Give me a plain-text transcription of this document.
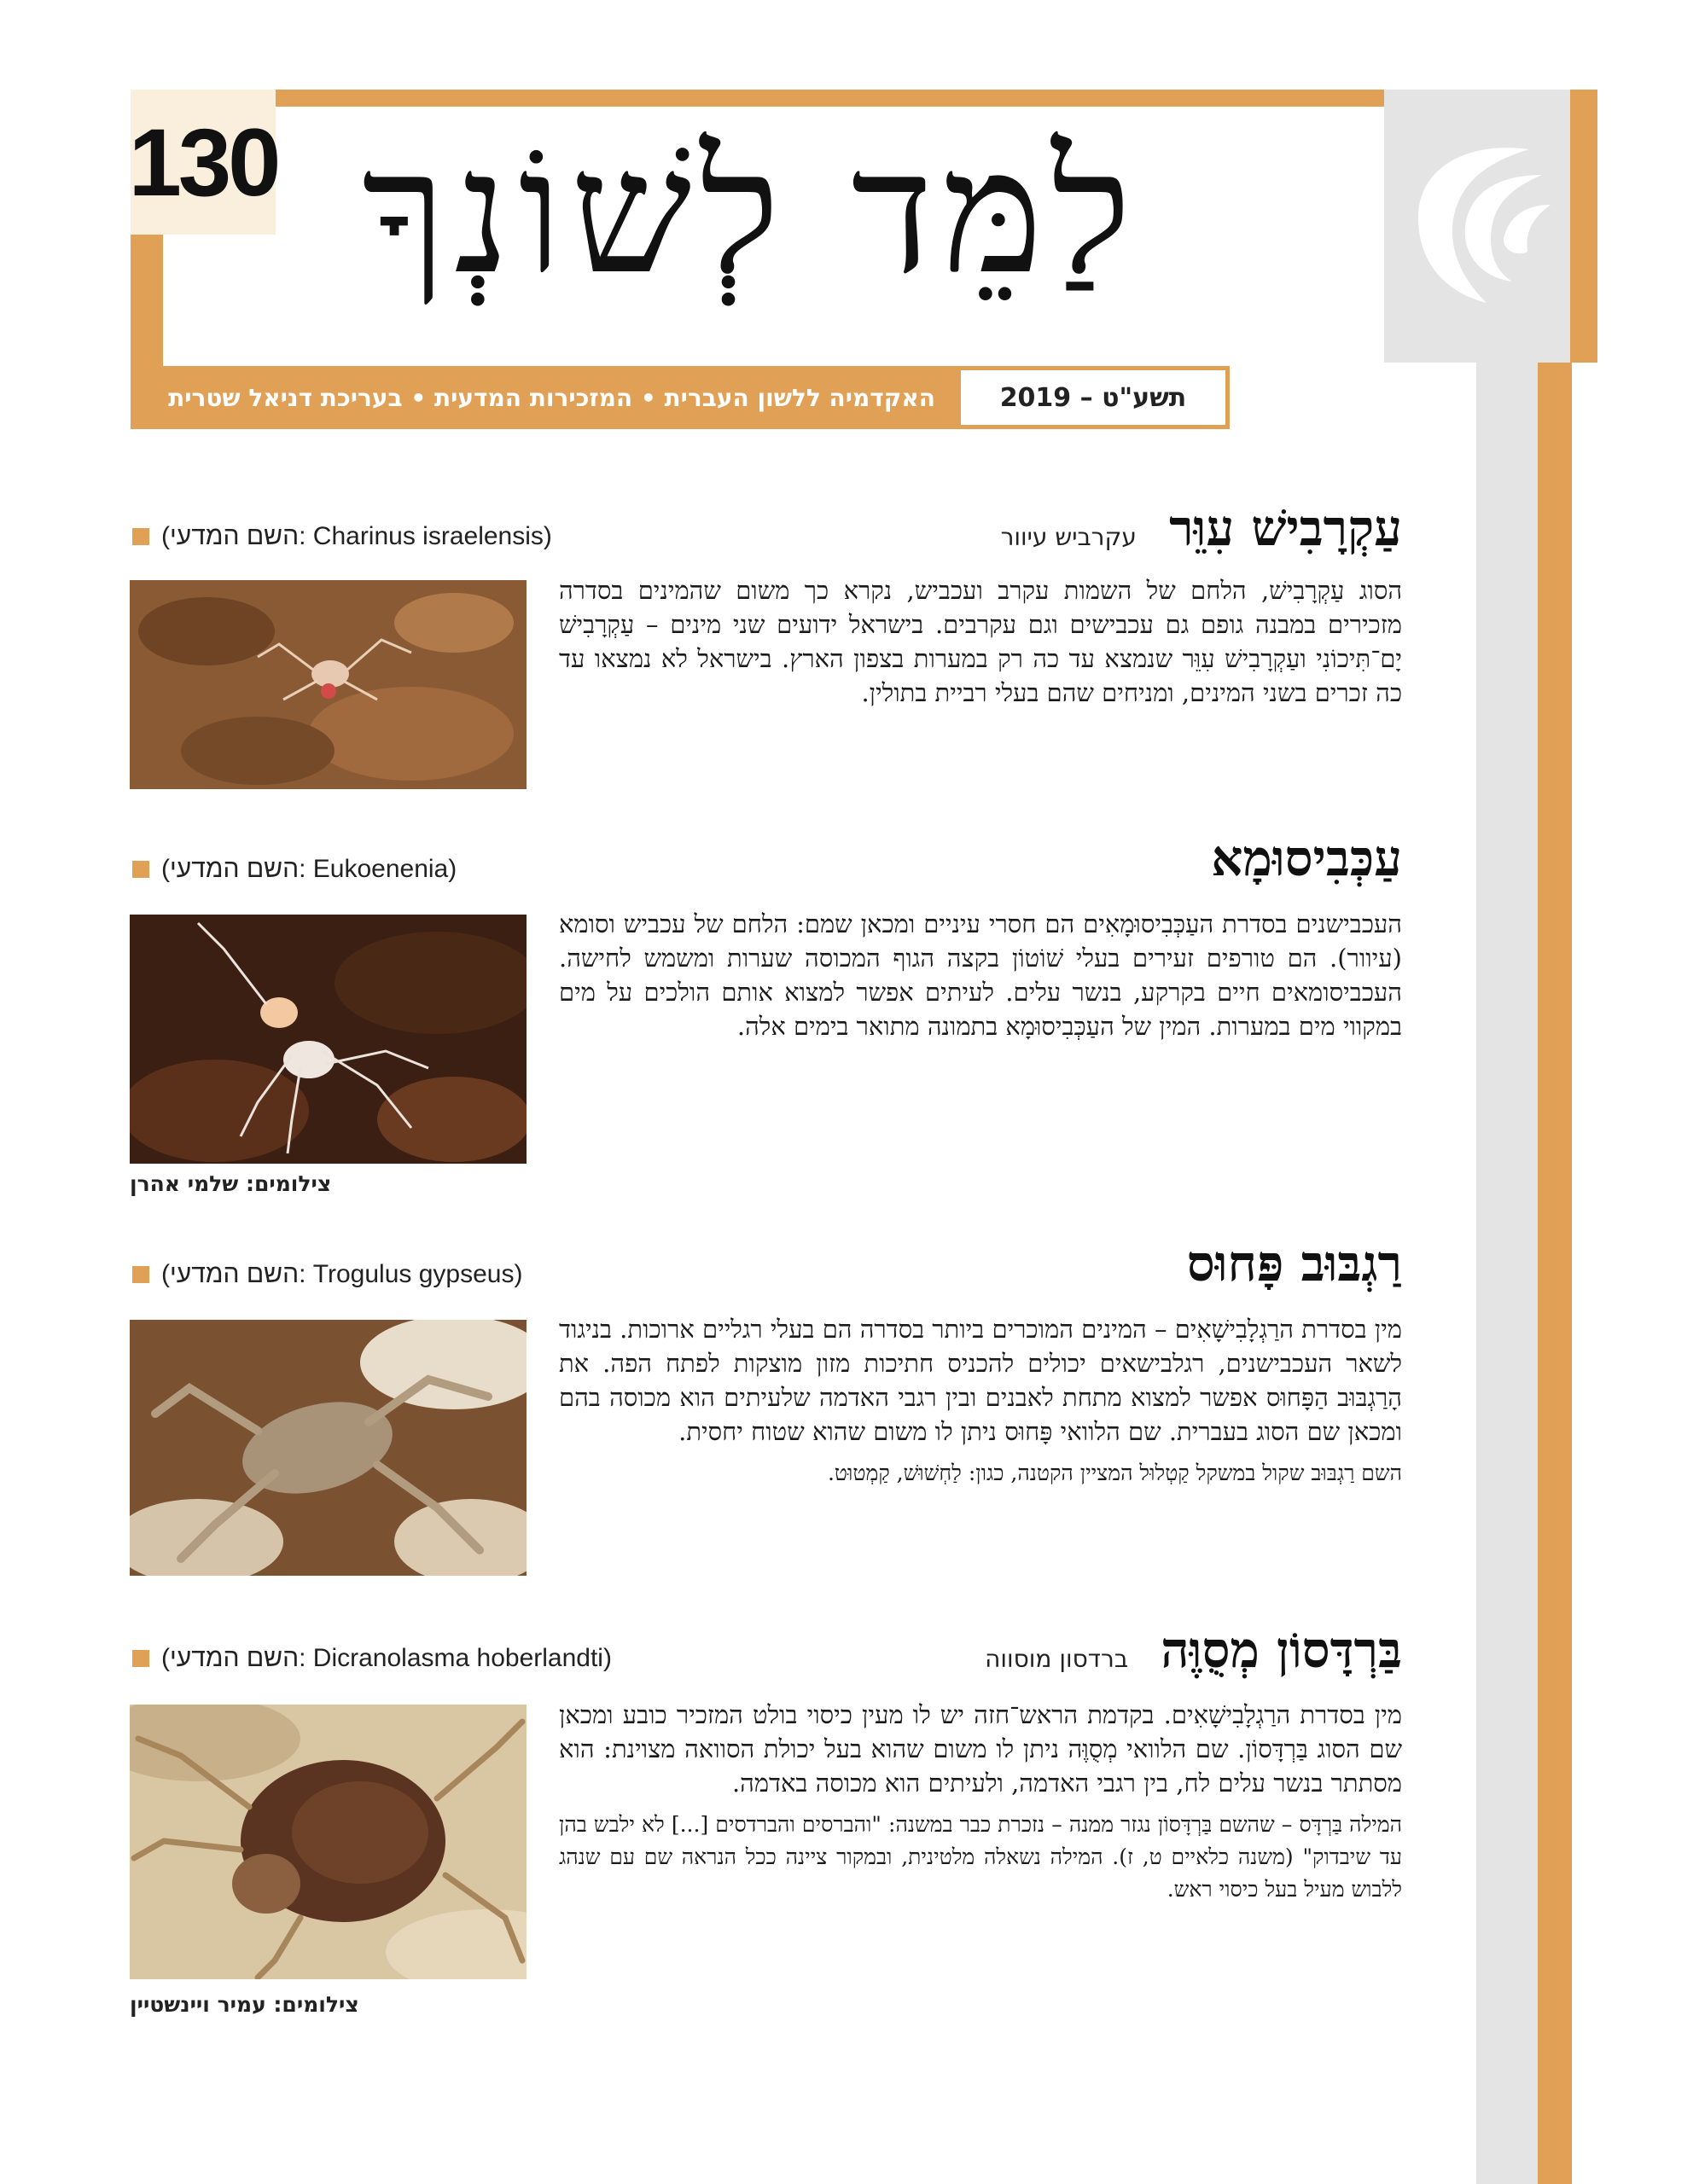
130 לַמֵּד לְשׁוֹנְךָ
תשע"ט – 2019
האקדמיה ללשון העברית • המזכירות המדעית • בעריכת דניאל שטרית
עַקְרָבִישׁ עִוֵּר עקרביש עיוור
(השם המדעי: Charinus israelensis)
הסוג עַקְרָבִישׁ, הלחם של השמות עקרב ועכביש, נקרא כך משום שהמינים בסדרה מזכירים במבנה גופם גם עכבישים וגם עקרבים. בישראל ידועים שני מינים – עַקְרָבִישׁ יָם־תִּיכוֹנִי ועַקְרָבִישׁ עִוֵּר שנמצא עד כה רק במערות בצפון הארץ. בישראל לא נמצאו עד כה זכרים בשני המינים, ומניחים שהם בעלי רביית בתולין.
עַכְּבִיסוּמָא
(השם המדעי: Eukoenenia)
העכבישנים בסדרת העַכְּבִיסוּמָאִים הם חסרי עיניים ומכאן שמם: הלחם של עכביש וסומא (עיוור). הם טורפים זעירים בעלי שׁוֹטוֹן בקצה הגוף המכוסה שערות ומשמש לחישה. העכביסומאים חיים בקרקע, בנשר עלים. לעיתים אפשר למצוא אותם הולכים על מים במקווי מים במערות. המין של העַכְּבִיסוּמָא בתמונה מתואר בימים אלה.
צילומים: שלמי אהרן
רַגְבּוּב פָּחוּס
(השם המדעי: Trogulus gypseus)
מין בסדרת הרַגְלָבִישָׁאִים – המינים המוכרים ביותר בסדרה הם בעלי רגליים ארוכות. בניגוד לשאר העכבישנים, רגלבישאים יכולים להכניס חתיכות מזון מוצקות לפתח הפה. את הָרַגְבּוּב הַפָּחוּס אפשר למצוא מתחת לאבנים ובין רגבי האדמה שלעיתים הוא מכוסה בהם ומכאן שם הסוג בעברית. שם הלוואי פָּחוּס ניתן לו משום שהוא שטוח יחסית.
השם רַגְבּוּב שקול במשקל קַטְלוּל המציין הקטנה, כגון: לַחְשׁוּשׁ, קַמְטוּט.
בַּרְדָּסוֹן מְסֻוֶּה ברדסון מוסווה
(השם המדעי: Dicranolasma hoberlandti)
מין בסדרת הרַגְלָבִישָׁאִים. בקדמת הראש־חזה יש לו מעין כיסוי בולט המזכיר כובע ומכאן שם הסוג בַּרְדָּסוֹן. שם הלוואי מְסֻוֶּה ניתן לו משום שהוא בעל יכולת הסוואה מצוינת: הוא מסתתר בנשר עלים לח, בין רגבי האדמה, ולעיתים הוא מכוסה באדמה.
המילה בַּרְדָּס – שהשם בַּרְדָּסוֹן נגזר ממנה – נזכרת כבר במשנה: "והברסים והברדסים [...] לא ילבש בהן עד שיבדוק" (משנה כלאיים ט, ז). המילה נשאלה מלטינית, ובמקור ציינה ככל הנראה שם עם שנהג ללבוש מעיל בעל כיסוי ראש.
צילומים: עמיר ויינשטיין
